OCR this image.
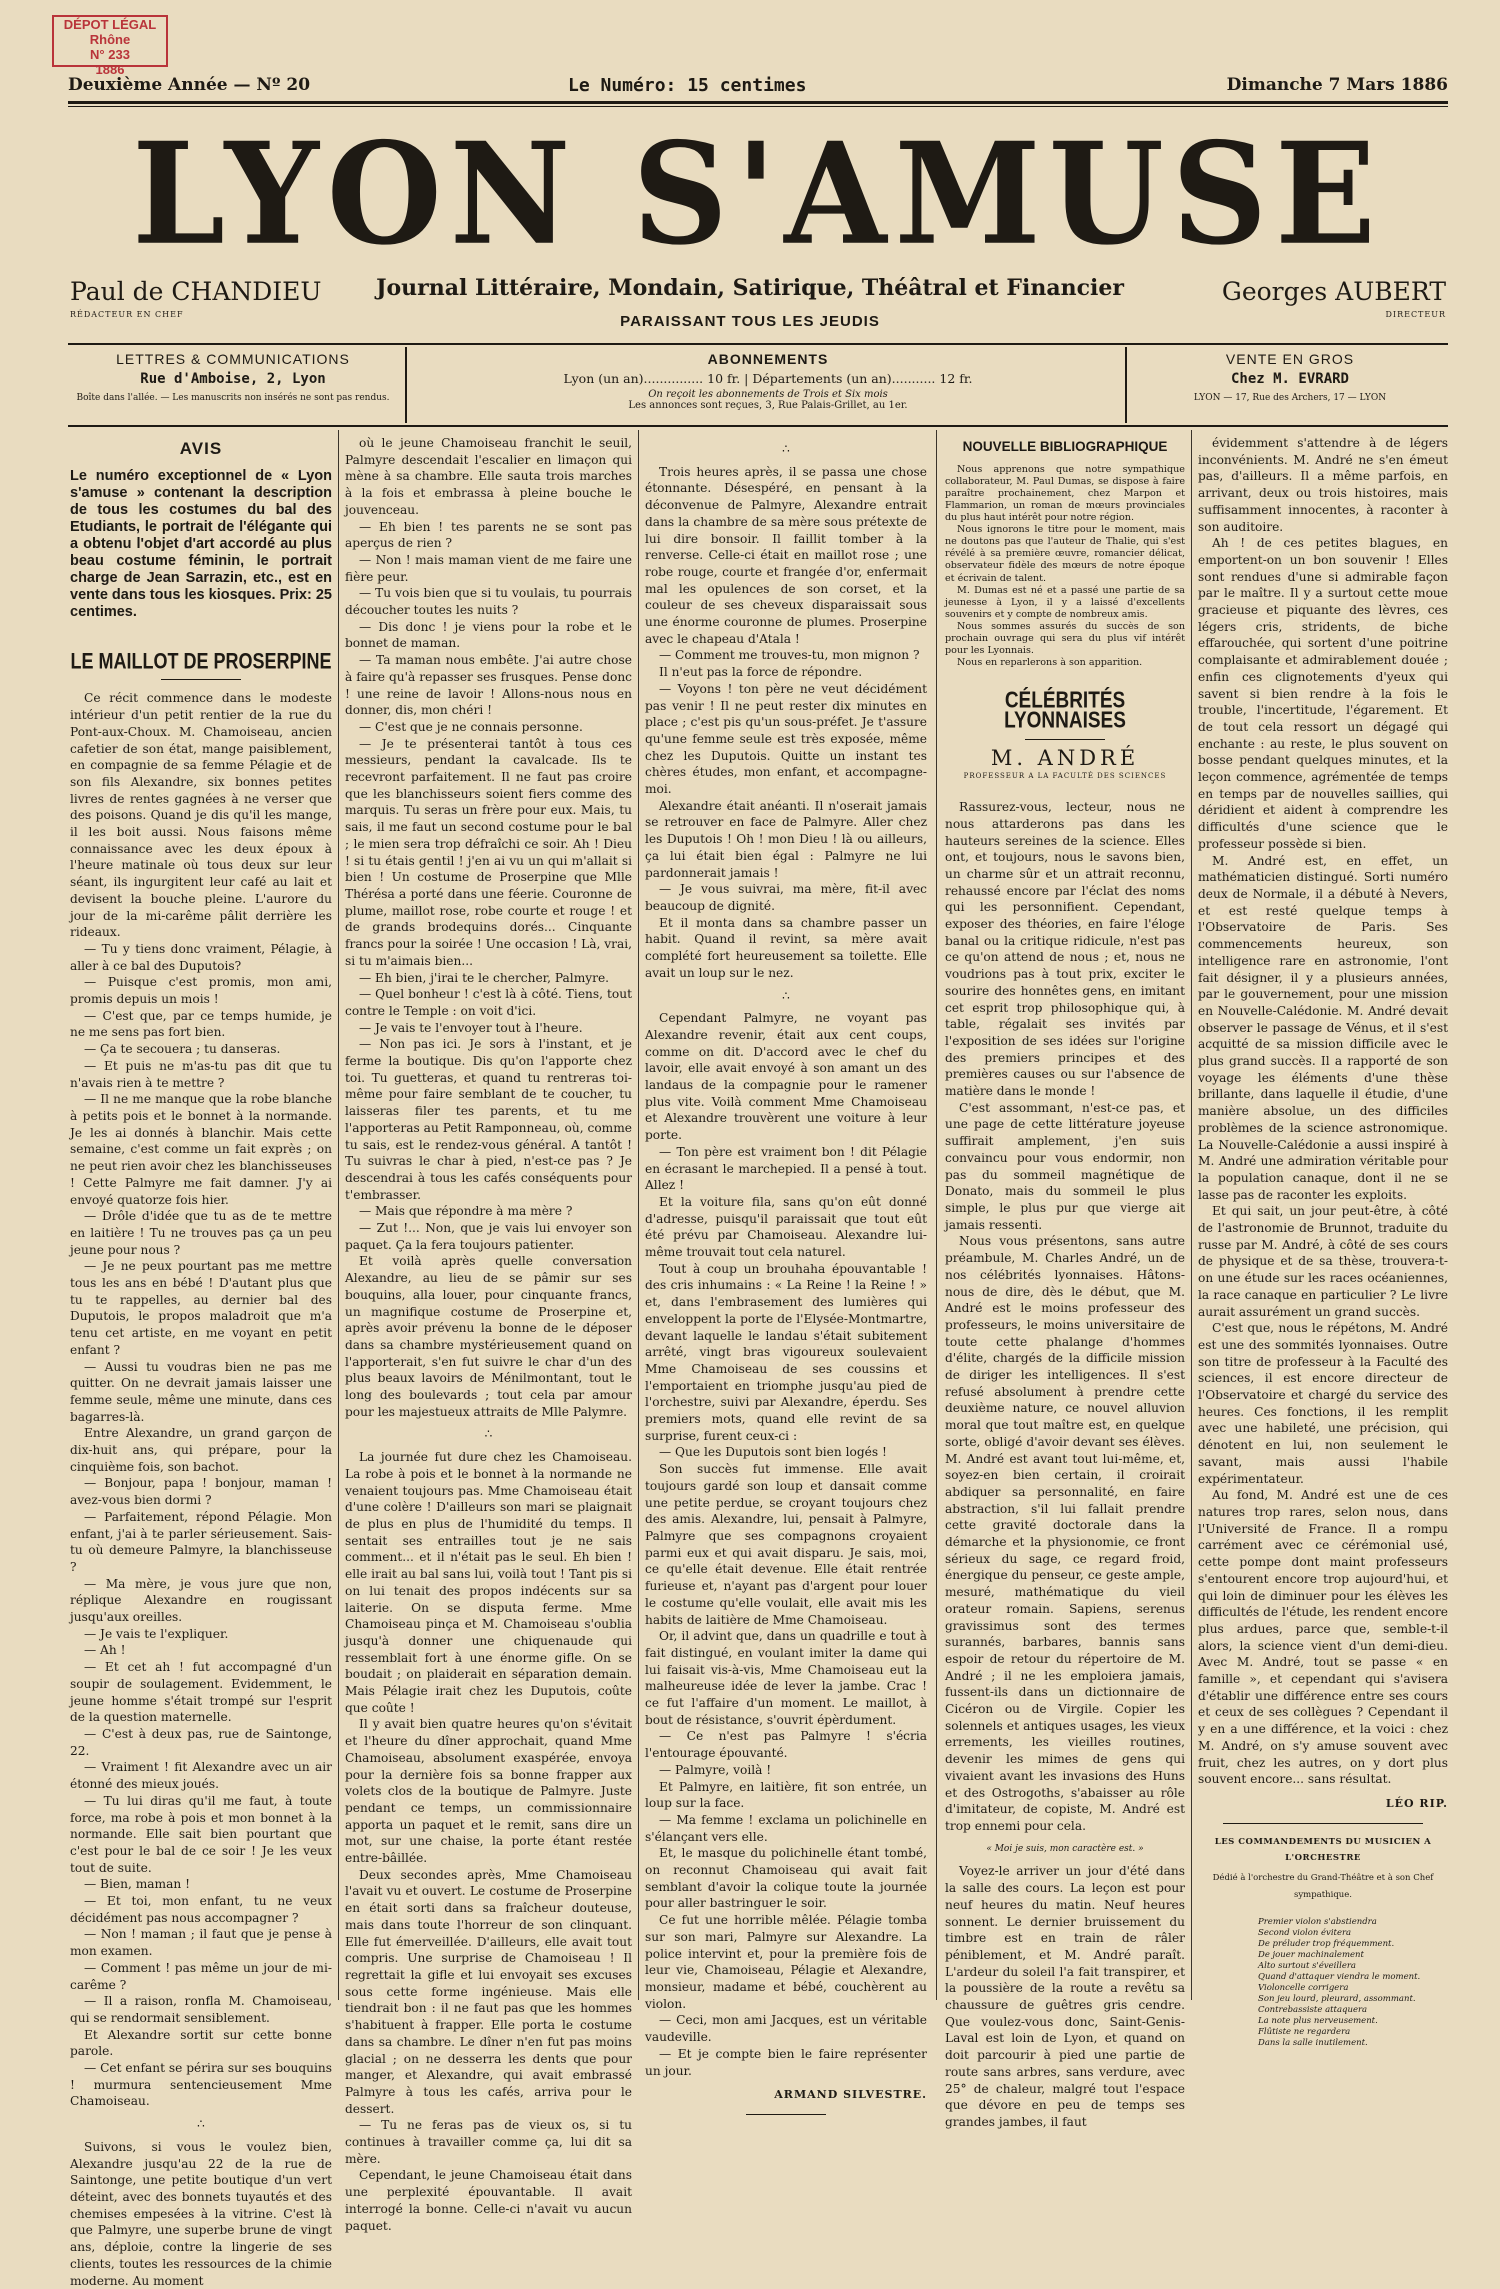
DÉPOT LÉGAL
Rhône
N° 233
1886
Deuxième Année — Nº 20	Le Numéro: 15 centimes	Dimanche 7 Mars 1886
LYON S'AMUSE
Paul de CHANDIEU
RÉDACTEUR EN CHEF
Journal Littéraire, Mondain, Satirique, Théâtral et Financier
PARAISSANT TOUS LES JEUDIS
Georges AUBERT
DIRECTEUR
LETTRES & COMMUNICATIONS
Rue d'Amboise, 2, Lyon
Boîte dans l'allée. — Les manuscrits non insérés ne sont pas rendus.
ABONNEMENTS
Lyon (un an)............... 10 fr. | Départements (un an)........... 12 fr.
On reçoit les abonnements de Trois et Six mois
Les annonces sont reçues, 3, Rue Palais-Grillet, au 1er.
VENTE EN GROS
Chez M. EVRARD
LYON — 17, Rue des Archers, 17 — LYON
AVIS
Le numéro exceptionnel de « Lyon s'amuse » contenant la description de tous les costumes du bal des Etudiants, le portrait de l'élégante qui a obtenu l'objet d'art accordé au plus beau costume féminin, le portrait charge de Jean Sarrazin, etc., est en vente dans tous les kiosques. Prix: 25 centimes.
LE MAILLOT DE PROSERPINE

Ce récit commence dans le modeste intérieur d'un petit rentier de la rue du Pont-aux-Choux. M. Chamoiseau, ancien cafetier de son état, mange paisiblement, en compagnie de sa femme Pélagie et de son fils Alexandre, six bonnes petites livres de rentes gagnées à ne verser que des poisons. Quand je dis qu'il les mange, il les boit aussi. Nous faisons même connaissance avec les deux époux à l'heure matinale où tous deux sur leur séant, ils ingurgitent leur café au lait et devisent la bouche pleine. L'aurore du jour de la mi-carême pâlit derrière les rideaux.

— Tu y tiens donc vraiment, Pélagie, à aller à ce bal des Duputois?

— Puisque c'est promis, mon ami, promis depuis un mois !

— C'est que, par ce temps humide, je ne me sens pas fort bien.

— Ça te secouera ; tu danseras.

— Et puis ne m'as-tu pas dit que tu n'avais rien à te mettre ?

— Il ne me manque que la robe blanche à petits pois et le bonnet à la normande. Je les ai donnés à blanchir. Mais cette semaine, c'est comme un fait exprès ; on ne peut rien avoir chez les blanchisseuses ! Cette Palmyre me fait damner. J'y ai envoyé quatorze fois hier.

— Drôle d'idée que tu as de te mettre en laitière ! Tu ne trouves pas ça un peu jeune pour nous ?

— Je ne peux pourtant pas me mettre tous les ans en bébé ! D'autant plus que tu te rappelles, au dernier bal des Duputois, le propos maladroit que m'a tenu cet artiste, en me voyant en petit enfant ?

— Aussi tu voudras bien ne pas me quitter. On ne devrait jamais laisser une femme seule, même une minute, dans ces bagarres-là.

Entre Alexandre, un grand garçon de dix-huit ans, qui prépare, pour la cinquième fois, son bachot.

— Bonjour, papa ! bonjour, maman ! avez-vous bien dormi ?

— Parfaitement, répond Pélagie. Mon enfant, j'ai à te parler sérieusement. Sais-tu où demeure Palmyre, la blanchisseuse ?

— Ma mère, je vous jure que non, réplique Alexandre en rougissant jusqu'aux oreilles.

— Je vais te l'expliquer.

— Ah !

— Et cet ah ! fut accompagné d'un soupir de soulagement. Evidemment, le jeune homme s'était trompé sur l'esprit de la question maternelle.

— C'est à deux pas, rue de Saintonge, 22.

— Vraiment ! fit Alexandre avec un air étonné des mieux joués.

— Tu lui diras qu'il me faut, à toute force, ma robe à pois et mon bonnet à la normande. Elle sait bien pourtant que c'est pour le bal de ce soir ! Je les veux tout de suite.

— Bien, maman !

— Et toi, mon enfant, tu ne veux décidément pas nous accompagner ?

— Non ! maman ; il faut que je pense à mon examen.

— Comment ! pas même un jour de mi-carême ?

— Il a raison, ronfla M. Chamoiseau, qui se rendormait sensiblement.

Et Alexandre sortit sur cette bonne parole.

— Cet enfant se périra sur ses bouquins ! murmura sentencieusement Mme Chamoiseau.

∴

Suivons, si vous le voulez bien, Alexandre jusqu'au 22 de la rue de Saintonge, une petite boutique d'un vert déteint, avec des bonnets tuyautés et des chemises empesées à la vitrine. C'est là que Palmyre, une superbe brune de vingt ans, déploie, contre la lingerie de ses clients, toutes les ressources de la chimie moderne. Au moment

où le jeune Chamoiseau franchit le seuil, Palmyre descendait l'escalier en limaçon qui mène à sa chambre. Elle sauta trois marches à la fois et embrassa à pleine bouche le jouvenceau.

— Eh bien ! tes parents ne se sont pas aperçus de rien ?

— Non ! mais maman vient de me faire une fière peur.

— Tu vois bien que si tu voulais, tu pourrais découcher toutes les nuits ?

— Dis donc ! je viens pour la robe et le bonnet de maman.

— Ta maman nous embête. J'ai autre chose à faire qu'à repasser ses frusques. Pense donc ! une reine de lavoir ! Allons-nous nous en donner, dis, mon chéri !

— C'est que je ne connais personne.

— Je te présenterai tantôt à tous ces messieurs, pendant la cavalcade. Ils te recevront parfaitement. Il ne faut pas croire que les blanchisseurs soient fiers comme des marquis. Tu seras un frère pour eux. Mais, tu sais, il me faut un second costume pour le bal ; le mien sera trop défraîchi ce soir. Ah ! Dieu ! si tu étais gentil ! j'en ai vu un qui m'allait si bien ! Un costume de Proserpine que Mlle Thérésa a porté dans une féerie. Couronne de plume, maillot rose, robe courte et rouge ! et de grands brodequins dorés... Cinquante francs pour la soirée ! Une occasion ! Là, vrai, si tu m'aimais bien...

— Eh bien, j'irai te le chercher, Palmyre.

— Quel bonheur ! c'est là à côté. Tiens, tout contre le Temple : on voit d'ici.

— Je vais te l'envoyer tout à l'heure.

— Non pas ici. Je sors à l'instant, et je ferme la boutique. Dis qu'on l'apporte chez toi. Tu guetteras, et quand tu rentreras toi-même pour faire semblant de te coucher, tu laisseras filer tes parents, et tu me l'apporteras au Petit Ramponneau, où, comme tu sais, est le rendez-vous général. A tantôt ! Tu suivras le char à pied, n'est-ce pas ? Je descendrai à tous les cafés conséquents pour t'embrasser.

— Mais que répondre à ma mère ?

— Zut !... Non, que je vais lui envoyer son paquet. Ça la fera toujours patienter.

Et voilà après quelle conversation Alexandre, au lieu de se pâmir sur ses bouquins, alla louer, pour cinquante francs, un magnifique costume de Proserpine et, après avoir prévenu la bonne de le déposer dans sa chambre mystérieusement quand on l'apporterait, s'en fut suivre le char d'un des plus beaux lavoirs de Ménilmontant, tout le long des boulevards ; tout cela par amour pour les majestueux attraits de Mlle Palymre.

∴

La journée fut dure chez les Chamoiseau. La robe à pois et le bonnet à la normande ne venaient toujours pas. Mme Chamoiseau était d'une colère ! D'ailleurs son mari se plaignait de plus en plus de l'humidité du temps. Il sentait ses entrailles tout je ne sais comment... et il n'était pas le seul. Eh bien ! elle irait au bal sans lui, voilà tout ! Tant pis si on lui tenait des propos indécents sur sa laiterie. On se disputa ferme. Mme Chamoiseau pinça et M. Chamoiseau s'oublia jusqu'à donner une chiquenaude qui ressemblait fort à une énorme gifle. On se boudait ; on plaiderait en séparation demain. Mais Pélagie irait chez les Duputois, coûte que coûte !

Il y avait bien quatre heures qu'on s'évitait et l'heure du dîner approchait, quand Mme Chamoiseau, absolument exaspérée, envoya pour la dernière fois sa bonne frapper aux volets clos de la boutique de Palmyre. Juste pendant ce temps, un commissionnaire apporta un paquet et le remit, sans dire un mot, sur une chaise, la porte étant restée entre-bâillée.

Deux secondes après, Mme Chamoiseau l'avait vu et ouvert. Le costume de Proserpine en était sorti dans sa fraîcheur douteuse, mais dans toute l'horreur de son clinquant. Elle fut émerveillée. D'ailleurs, elle avait tout compris. Une surprise de Chamoiseau ! Il regrettait la gifle et lui envoyait ses excuses sous cette forme ingénieuse. Mais elle tiendrait bon : il ne faut pas que les hommes s'habituent à frapper. Elle porta le costume dans sa chambre. Le dîner n'en fut pas moins glacial ; on ne desserra les dents que pour manger, et Alexandre, qui avait embrassé Palmyre à tous les cafés, arriva pour le dessert.

— Tu ne feras pas de vieux os, si tu continues à travailler comme ça, lui dit sa mère.

Cependant, le jeune Chamoiseau était dans une perplexité épouvantable. Il avait interrogé la bonne. Celle-ci n'avait vu aucun paquet.

∴

Trois heures après, il se passa une chose étonnante. Désespéré, en pensant à la déconvenue de Palmyre, Alexandre entrait dans la chambre de sa mère sous prétexte de lui dire bonsoir. Il faillit tomber à la renverse. Celle-ci était en maillot rose ; une robe rouge, courte et frangée d'or, enfermait mal les opulences de son corset, et la couleur de ses cheveux disparaissait sous une énorme couronne de plumes. Proserpine avec le chapeau d'Atala !

— Comment me trouves-tu, mon mignon ?

Il n'eut pas la force de répondre.

— Voyons ! ton père ne veut décidément pas venir ! Il ne peut rester dix minutes en place ; c'est pis qu'un sous-préfet. Je t'assure qu'une femme seule est très exposée, même chez les Duputois. Quitte un instant tes chères études, mon enfant, et accompagne-moi.

Alexandre était anéanti. Il n'oserait jamais se retrouver en face de Palmyre. Aller chez les Duputois ! Oh ! mon Dieu ! là ou ailleurs, ça lui était bien égal : Palmyre ne lui pardonnerait jamais !

— Je vous suivrai, ma mère, fit-il avec beaucoup de dignité.

Et il monta dans sa chambre passer un habit. Quand il revint, sa mère avait complété fort heureusement sa toilette. Elle avait un loup sur le nez.

∴

Cependant Palmyre, ne voyant pas Alexandre revenir, était aux cent coups, comme on dit. D'accord avec le chef du lavoir, elle avait envoyé à son amant un des landaus de la compagnie pour le ramener plus vite. Voilà comment Mme Chamoiseau et Alexandre trouvèrent une voiture à leur porte.

— Ton père est vraiment bon ! dit Pélagie en écrasant le marchepied. Il a pensé à tout. Allez !

Et la voiture fila, sans qu'on eût donné d'adresse, puisqu'il paraissait que tout eût été prévu par Chamoiseau. Alexandre lui-même trouvait tout cela naturel.

Tout à coup un brouhaha épouvantable ! des cris inhumains : « La Reine ! la Reine ! » et, dans l'embrasement des lumières qui enveloppent la porte de l'Elysée-Montmartre, devant laquelle le landau s'était subitement arrêté, vingt bras vigoureux soulevaient Mme Chamoiseau de ses coussins et l'emportaient en triomphe jusqu'au pied de l'orchestre, suivi par Alexandre, éperdu. Ses premiers mots, quand elle revint de sa surprise, furent ceux-ci :

— Que les Duputois sont bien logés !

Son succès fut immense. Elle avait toujours gardé son loup et dansait comme une petite perdue, se croyant toujours chez des amis. Alexandre, lui, pensait à Palmyre, Palmyre que ses compagnons croyaient parmi eux et qui avait disparu. Je sais, moi, ce qu'elle était devenue. Elle était rentrée furieuse et, n'ayant pas d'argent pour louer le costume qu'elle voulait, elle avait mis les habits de laitière de Mme Chamoiseau.

Or, il advint que, dans un quadrille e tout à fait distingué, en voulant imiter la dame qui lui faisait vis-à-vis, Mme Chamoiseau eut la malheureuse idée de lever la jambe. Crac ! ce fut l'affaire d'un moment. Le maillot, à bout de résistance, s'ouvrit épèrdument.

— Ce n'est pas Palmyre ! s'écria l'entourage épouvanté.

— Palmyre, voilà !

Et Palmyre, en laitière, fit son entrée, un loup sur la face.

— Ma femme ! exclama un polichinelle en s'élançant vers elle.

Et, le masque du polichinelle étant tombé, on reconnut Chamoiseau qui avait fait semblant d'avoir la colique toute la journée pour aller bastringuer le soir.

Ce fut une horrible mêlée. Pélagie tomba sur son mari, Palmyre sur Alexandre. La police intervint et, pour la première fois de leur vie, Chamoiseau, Pélagie et Alexandre, monsieur, madame et bébé, couchèrent au violon.

— Ceci, mon ami Jacques, est un véritable vaudeville.

— Et je compte bien le faire représenter un jour.

ARMAND SILVESTRE.
NOUVELLE BIBLIOGRAPHIQUE

Nous apprenons que notre sympathique collaborateur, M. Paul Dumas, se dispose à faire paraître prochainement, chez Marpon et Flammarion, un roman de mœurs provinciales du plus haut intérêt pour notre région.

Nous ignorons le titre pour le moment, mais ne doutons pas que l'auteur de Thalie, qui s'est révélé à sa première œuvre, romancier délicat, observateur fidèle des mœurs de notre époque et écrivain de talent.

M. Dumas est né et a passé une partie de sa jeunesse à Lyon, il y a laissé d'excellents souvenirs et y compte de nombreux amis.

Nous sommes assurés du succès de son prochain ouvrage qui sera du plus vif intérêt pour les Lyonnais.

Nous en reparlerons à son apparition.

CÉLÉBRITÉS LYONNAISES
M. ANDRÉ
PROFESSEUR A LA FACULTÉ DES SCIENCES

Rassurez-vous, lecteur, nous ne nous attarderons pas dans les hauteurs sereines de la science. Elles ont, et toujours, nous le savons bien, un charme sûr et un attrait reconnu, rehaussé encore par l'éclat des noms qui les personnifient. Cependant, exposer des théories, en faire l'éloge banal ou la critique ridicule, n'est pas ce qu'on attend de nous ; et, nous ne voudrions pas à tout prix, exciter le sourire des honnêtes gens, en imitant cet esprit trop philosophique qui, à table, régalait ses invités par l'exposition de ses idées sur l'origine des premiers principes et des premières causes ou sur l'absence de matière dans le monde !

C'est assommant, n'est-ce pas, et une page de cette littérature joyeuse suffirait amplement, j'en suis convaincu pour vous endormir, non pas du sommeil magnétique de Donato, mais du sommeil le plus simple, le plus pur que vierge ait jamais ressenti.

Nous vous présentons, sans autre préambule, M. Charles André, un de nos célébrités lyonnaises. Hâtons-nous de dire, dès le début, que M. André est le moins professeur des professeurs, le moins universitaire de toute cette phalange d'hommes d'élite, chargés de la difficile mission de diriger les intelligences. Il s'est refusé absolument à prendre cette deuxième nature, ce nouvel alluvion moral que tout maître est, en quelque sorte, obligé d'avoir devant ses élèves. M. André est avant tout lui-même, et, soyez-en bien certain, il croirait abdiquer sa personnalité, en faire abstraction, s'il lui fallait prendre cette gravité doctorale dans la démarche et la physionomie, ce front sérieux du sage, ce regard froid, énergique du penseur, ce geste ample, mesuré, mathématique du vieil orateur romain. Sapiens, serenus gravissimus sont des termes surannés, barbares, bannis sans espoir de retour du répertoire de M. André ; il ne les emploiera jamais, fussent-ils dans un dictionnaire de Cicéron ou de Virgile. Copier les solennels et antiques usages, les vieux errements, les vieilles routines, devenir les mimes de gens qui vivaient avant les invasions des Huns et des Ostrogoths, s'abaisser au rôle d'imitateur, de copiste, M. André est trop ennemi pour cela.

« Moi je suis, mon caractère est. »

Voyez-le arriver un jour d'été dans la salle des cours. La leçon est pour neuf heures du matin. Neuf heures sonnent. Le dernier bruissement du timbre est en train de râler péniblement, et M. André paraît. L'ardeur du soleil l'a fait transpirer, et la poussière de la route a revêtu sa chaussure de guêtres gris cendre. Que voulez-vous donc, Saint-Genis-Laval est loin de Lyon, et quand on doit parcourir à pied une partie de route sans arbres, sans verdure, avec 25° de chaleur, malgré tout l'espace que dévore en peu de temps ses grandes jambes, il faut

évidemment s'attendre à de légers inconvénients. M. André ne s'en émeut pas, d'ailleurs. Il a même parfois, en arrivant, deux ou trois histoires, mais suffisamment innocentes, à raconter à son auditoire.

Ah ! de ces petites blagues, en emportent-on un bon souvenir ! Elles sont rendues d'une si admirable façon par le maître. Il y a surtout cette moue gracieuse et piquante des lèvres, ces légers cris, stridents, de biche effarouchée, qui sortent d'une poitrine complaisante et admirablement douée ; enfin ces clignotements d'yeux qui savent si bien rendre à la fois le trouble, l'incertitude, l'égarement. Et de tout cela ressort un dégagé qui enchante : au reste, le plus souvent on bosse pendant quelques minutes, et la leçon commence, agrémentée de temps en temps par de nouvelles saillies, qui déridient et aident à comprendre les difficultés d'une science que le professeur possède si bien.

M. André est, en effet, un mathématicien distingué. Sorti numéro deux de Normale, il a débuté à Nevers, et est resté quelque temps à l'Observatoire de Paris. Ses commencements heureux, son intelligence rare en astronomie, l'ont fait désigner, il y a plusieurs années, par le gouvernement, pour une mission en Nouvelle-Calédonie. M. André devait observer le passage de Vénus, et il s'est acquitté de sa mission difficile avec le plus grand succès. Il a rapporté de son voyage les éléments d'une thèse brillante, dans laquelle il étudie, d'une manière absolue, un des difficiles problèmes de la science astronomique. La Nouvelle-Calédonie a aussi inspiré à M. André une admiration véritable pour la population canaque, dont il ne se lasse pas de raconter les exploits.

Et qui sait, un jour peut-être, à côté de l'astronomie de Brunnot, traduite du russe par M. André, à côté de ses cours de physique et de sa thèse, trouvera-t-on une étude sur les races océaniennes, la race canaque en particulier ? Le livre aurait assurément un grand succès.

C'est que, nous le répétons, M. André est une des sommités lyonnaises. Outre son titre de professeur à la Faculté des sciences, il est encore directeur de l'Observatoire et chargé du service des heures. Ces fonctions, il les remplit avec une habileté, une précision, qui dénotent en lui, non seulement le savant, mais aussi l'habile expérimentateur.

Au fond, M. André est une de ces natures trop rares, selon nous, dans l'Université de France. Il a rompu carrément avec ce cérémonial usé, cette pompe dont maint professeurs s'entourent encore trop aujourd'hui, et qui loin de diminuer pour les élèves les difficultés de l'étude, les rendent encore plus ardues, parce que, semble-t-il alors, la science vient d'un demi-dieu. Avec M. André, tout se passe « en famille », et cependant qui s'avisera d'établir une différence entre ses cours et ceux de ses collègues ? Cependant il y en a une différence, et la voici : chez M. André, on s'y amuse souvent avec fruit, chez les autres, on y dort plus souvent encore... sans résultat.

LÉO RIP.
LES COMMANDEMENTS DU MUSICIEN A L'ORCHESTRE
Dédié à l'orchestre du Grand-Théâtre et à son Chef sympathique.
Premier violon s'abstiendra
Second violon évitera
De préluder trop fréquemment.
De jouer machinalement
Alto surtout s'éveillera
Quand d'attaquer viendra le moment.
Violoncelle corrigera
Son jeu lourd, pleurard, assommant.
Contrebassiste attaquera
La note plus nerveusement.
Flûtiste ne regardera
Dans la salle inutilement.
